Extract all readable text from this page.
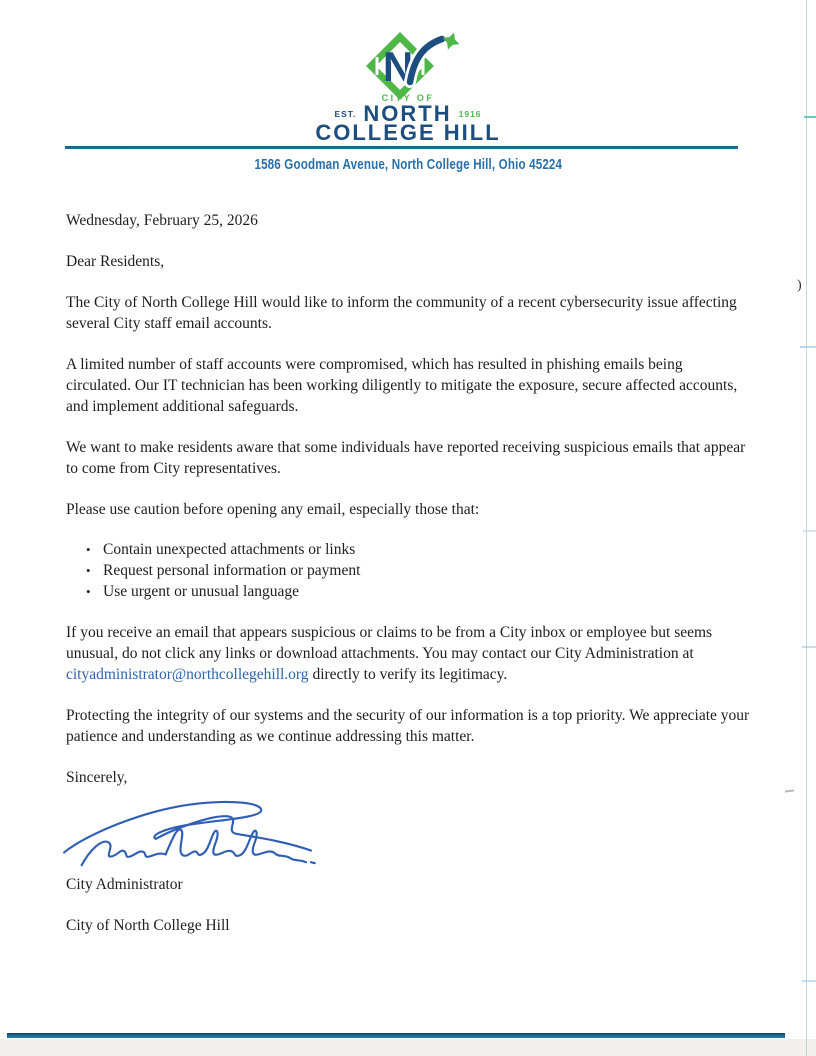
N
CITY OF
EST. NORTH 1916
COLLEGE HILL
1586 Goodman Avenue, North College Hill, Ohio 45224

Wednesday, February 25, 2026

Dear Residents,

The City of North College Hill would like to inform the community of a recent cybersecurity issue affecting several City staff email accounts.

A limited number of staff accounts were compromised, which has resulted in phishing emails being circulated. Our IT technician has been working diligently to mitigate the exposure, secure affected accounts, and implement additional safeguards.

We want to make residents aware that some individuals have reported receiving suspicious emails that appear to come from City representatives.

Please use caution before opening any email, especially those that:

• Contain unexpected attachments or links
• Request personal information or payment
• Use urgent or unusual language

If you receive an email that appears suspicious or claims to be from a City inbox or employee but seems unusual, do not click any links or download attachments. You may contact our City Administration at cityadministrator@northcollegehill.org directly to verify its legitimacy.

Protecting the integrity of our systems and the security of our information is a top priority. We appreciate your patience and understanding as we continue addressing this matter.

Sincerely,

City Administrator

City of North College Hill

)
